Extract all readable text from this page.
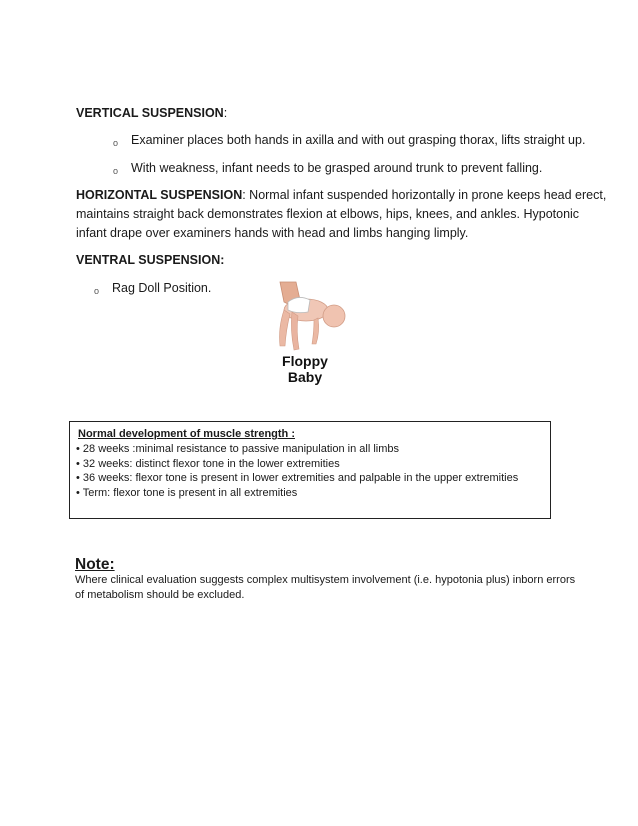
VERTICAL SUSPENSION:
o Examiner places both hands in axilla and with out grasping thorax, lifts straight up.
o With weakness, infant needs to be grasped around trunk to prevent falling.
HORIZONTAL SUSPENSION: Normal infant suspended horizontally in prone keeps head erect,
maintains straight back demonstrates flexion at elbows, hips, knees, and ankles. Hypotonic
infant drape over examiners hands with head and limbs hanging limply.
VENTRAL SUSPENSION:
o Rag Doll Position.
Floppy
Baby
Normal development of muscle strength :
• 28 weeks :minimal resistance to passive manipulation in all limbs
• 32 weeks: distinct flexor tone in the lower extremities
• 36 weeks: flexor tone is present in lower extremities and palpable in the upper extremities
• Term: flexor tone is present in all extremities
Note:
Where clinical evaluation suggests complex multisystem involvement (i.e. hypotonia plus) inborn errors
of metabolism should be excluded.
